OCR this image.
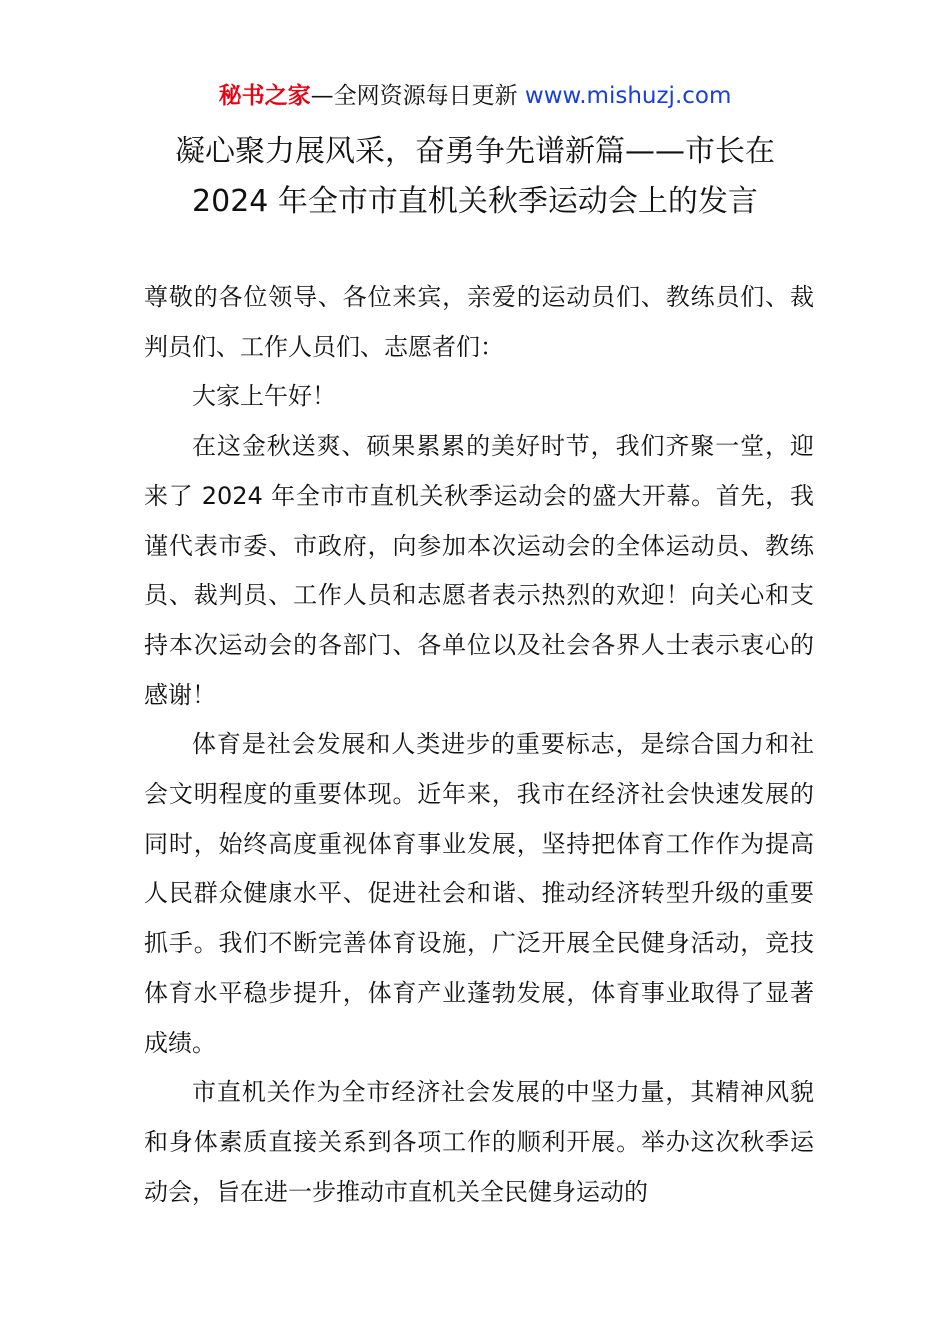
秘书之家—全网资源每日更新 www.mishuzj.com
凝心聚力展风采，奋勇争先谱新篇——市长在
2024 年全市市直机关秋季运动会上的发言

尊敬的各位领导、各位来宾，亲爱的运动员们、教练员们、裁判员们、工作人员们、志愿者们：

大家上午好！

在这金秋送爽、硕果累累的美好时节，我们齐聚一堂，迎来了 2024 年全市市直机关秋季运动会的盛大开幕。首先，我谨代表市委、市政府，向参加本次运动会的全体运动员、教练员、裁判员、工作人员和志愿者表示热烈的欢迎！向关心和支持本次运动会的各部门、各单位以及社会各界人士表示衷心的感谢！

体育是社会发展和人类进步的重要标志，是综合国力和社会文明程度的重要体现。近年来，我市在经济社会快速发展的同时，始终高度重视体育事业发展，坚持把体育工作作为提高人民群众健康水平、促进社会和谐、推动经济转型升级的重要抓手。我们不断完善体育设施，广泛开展全民健身活动，竞技体育水平稳步提升，体育产业蓬勃发展，体育事业取得了显著成绩。

市直机关作为全市经济社会发展的中坚力量，其精神风貌和身体素质直接关系到各项工作的顺利开展。举办这次秋季运动会，旨在进一步推动市直机关全民健身运动的
